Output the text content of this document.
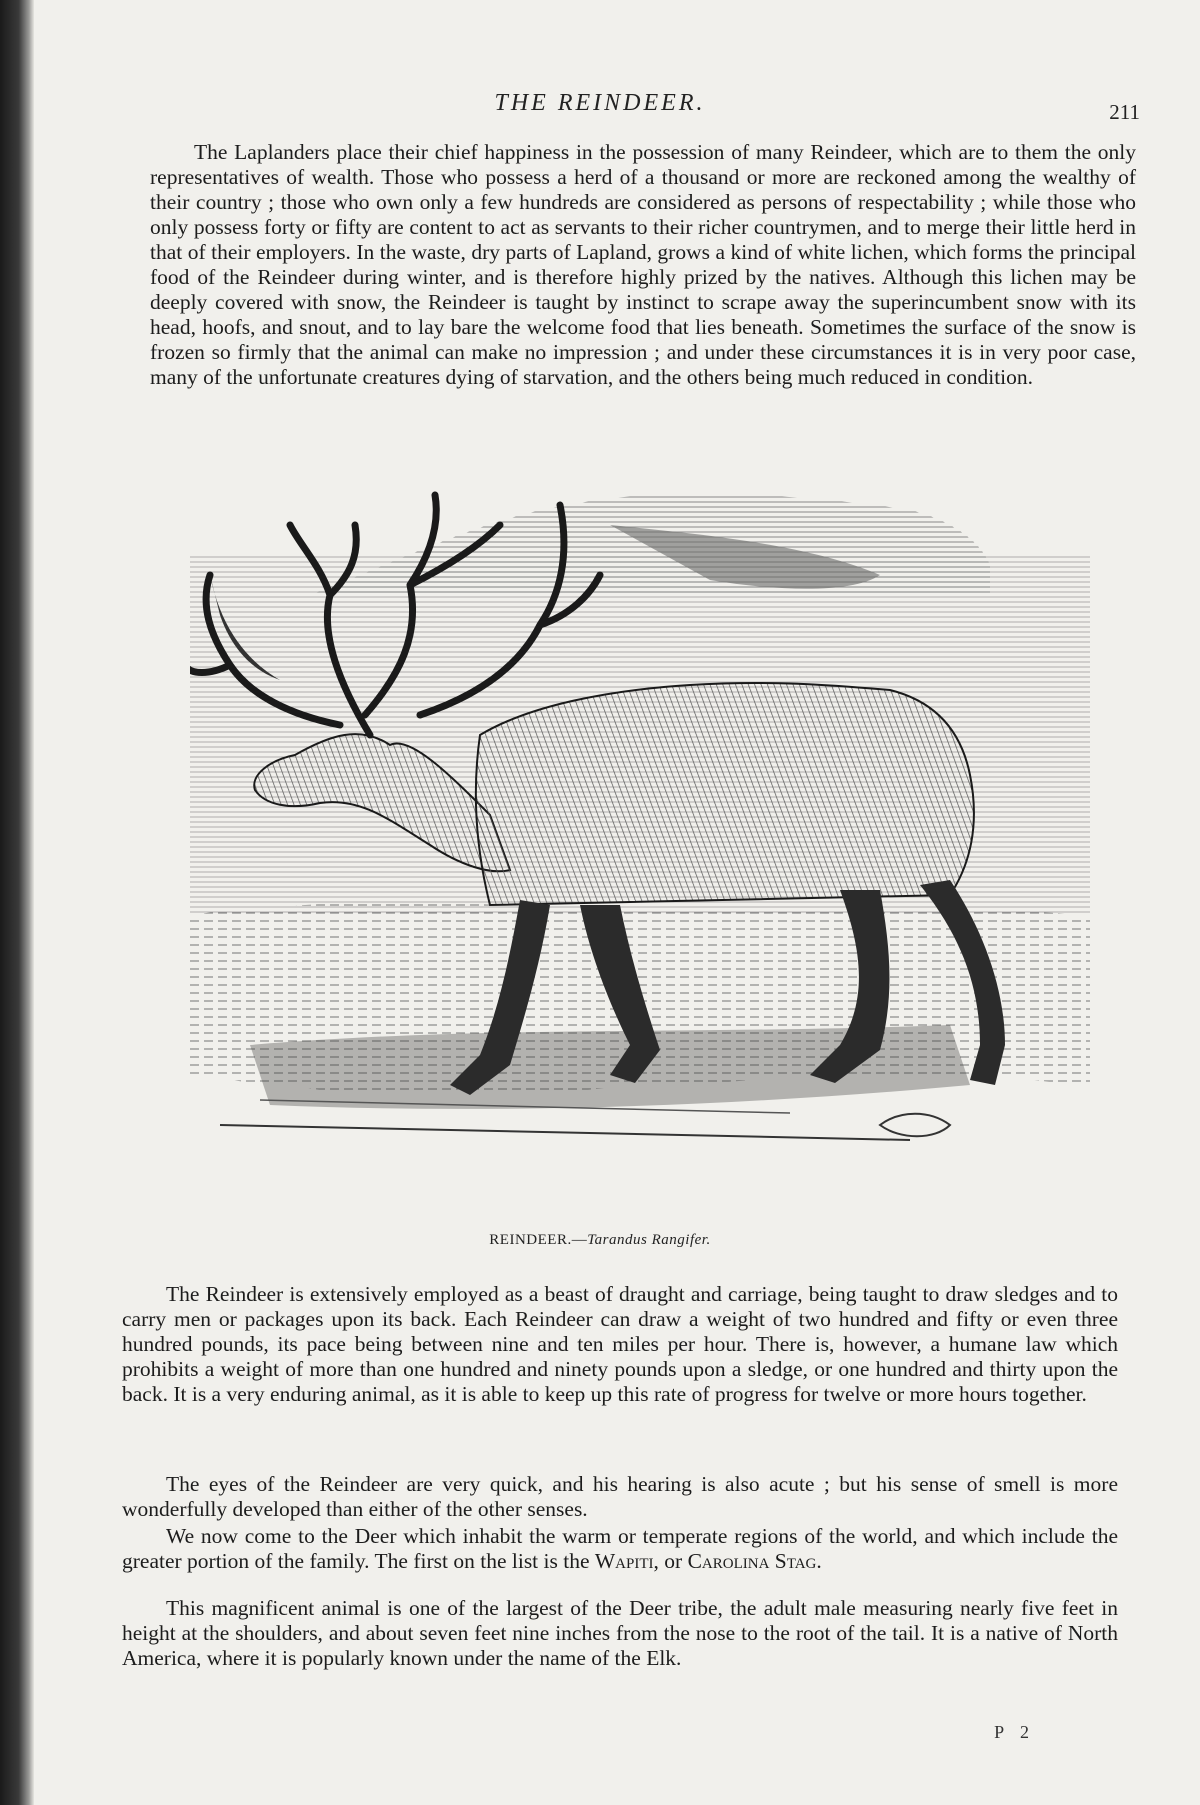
THE REINDEER.	211

The Laplanders place their chief happiness in the possession of many Reindeer, which are to them the only representatives of wealth. Those who possess a herd of a thousand or more are reckoned among the wealthy of their country ; those who own only a few hundreds are considered as persons of respectability ; while those who only possess forty or fifty are content to act as servants to their richer countrymen, and to merge their little herd in that of their employers. In the waste, dry parts of Lapland, grows a kind of white lichen, which forms the principal food of the Reindeer during winter, and is therefore highly prized by the natives. Although this lichen may be deeply covered with snow, the Reindeer is taught by instinct to scrape away the superincumbent snow with its head, hoofs, and snout, and to lay bare the welcome food that lies beneath. Sometimes the surface of the snow is frozen so firmly that the animal can make no impression ; and under these circumstances it is in very poor case, many of the unfortunate creatures dying of starvation, and the others being much reduced in condition.

REINDEER.—Tarandus Rangifer.

The Reindeer is extensively employed as a beast of draught and carriage, being taught to draw sledges and to carry men or packages upon its back. Each Reindeer can draw a weight of two hundred and fifty or even three hundred pounds, its pace being between nine and ten miles per hour. There is, however, a humane law which prohibits a weight of more than one hundred and ninety pounds upon a sledge, or one hundred and thirty upon the back. It is a very enduring animal, as it is able to keep up this rate of progress for twelve or more hours together.

The eyes of the Reindeer are very quick, and his hearing is also acute ; but his sense of smell is more wonderfully developed than either of the other senses.

We now come to the Deer which inhabit the warm or temperate regions of the world, and which include the greater portion of the family. The first on the list is the Wapiti, or Carolina Stag.

This magnificent animal is one of the largest of the Deer tribe, the adult male measuring nearly five feet in height at the shoulders, and about seven feet nine inches from the nose to the root of the tail. It is a native of North America, where it is popularly known under the name of the Elk.

P 2
